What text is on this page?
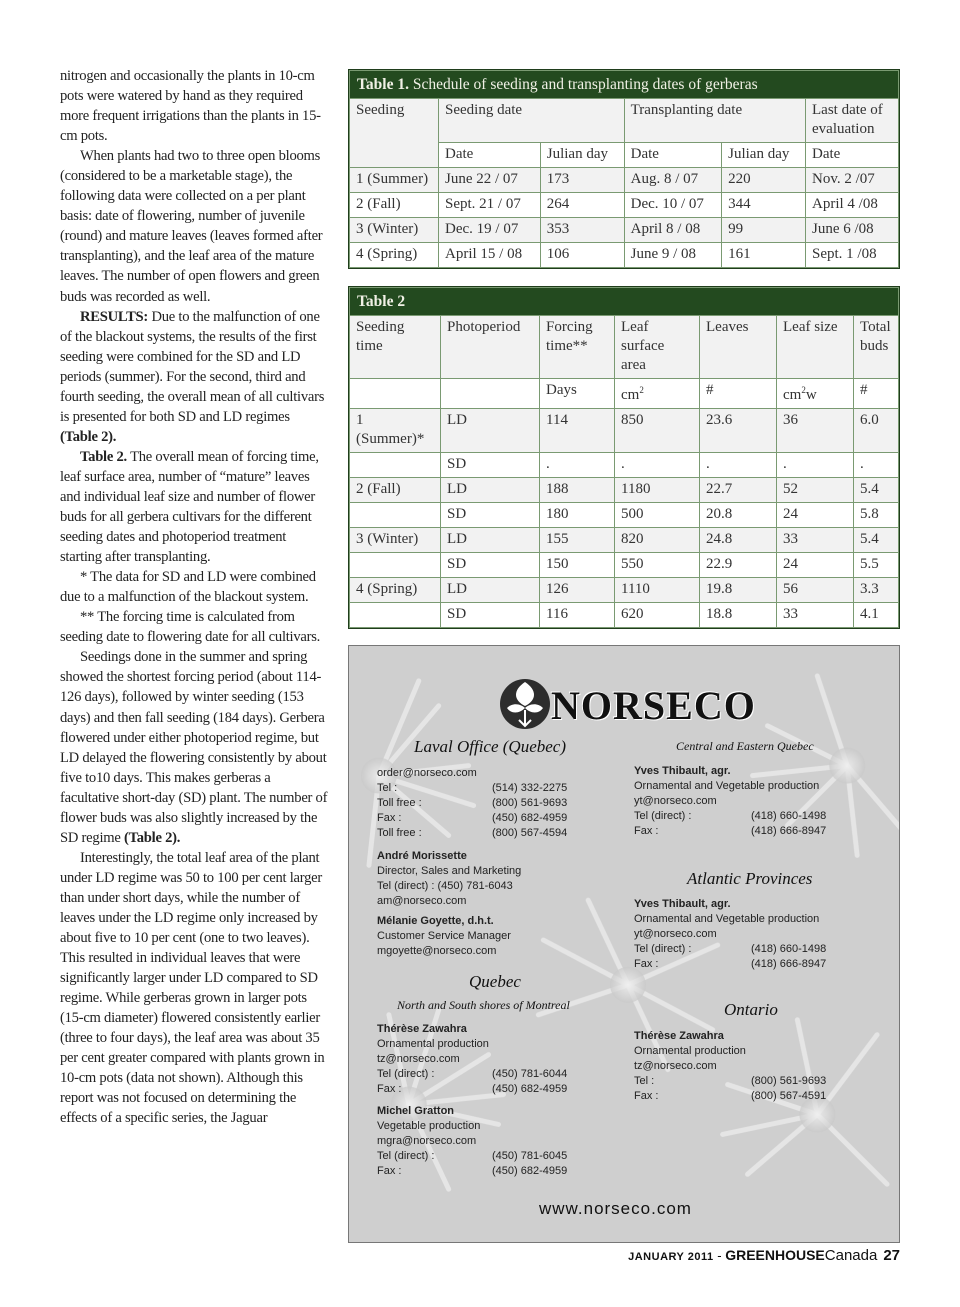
nitrogen and occasionally the plants in 10-cm pots were watered by hand as they required more frequent irrigations than the plants in 15-cm pots.

When plants had two to three open blooms (considered to be a marketable stage), the following data were collected on a per plant basis: date of flowering, number of juvenile (round) and mature leaves (leaves formed after transplanting), and the leaf area of the mature leaves. The number of open flowers and green buds was recorded as well.

RESULTS: Due to the malfunction of one of the blackout systems, the results of the first seeding were combined for the SD and LD periods (summer). For the second, third and fourth seeding, the overall mean of all cultivars is presented for both SD and LD regimes (Table 2).

Table 2. The overall mean of forcing time, leaf surface area, number of “mature” leaves and individual leaf size and number of flower buds for all gerbera cultivars for the different seeding dates and photoperiod treatment starting after transplanting.

* The data for SD and LD were combined due to a malfunction of the blackout system.

** The forcing time is calculated from seeding date to flowering date for all cultivars.

Seedings done in the summer and spring showed the shortest forcing period (about 114-126 days), followed by winter seeding (153 days) and then fall seeding (184 days). Gerbera flowered under either photoperiod regime, but LD delayed the flowering consistently by about five to10 days. This makes gerberas a facultative short-day (SD) plant. The number of flower buds was also slightly increased by the SD regime (Table 2).

Interestingly, the total leaf area of the plant under LD regime was 50 to 100 per cent larger than under short days, while the number of leaves under the LD regime only increased by about five to 10 per cent (one to two leaves). This resulted in individual leaves that were significantly larger under LD compared to SD regime. While gerberas grown in larger pots (15-cm diameter) flowered consistently earlier (three to four days), the leaf area was about 35 per cent greater compared with plants grown in 10-cm pots (data not shown). Although this report was not focused on determining the effects of a specific series, the Jaguar

Table 1. Schedule of seeding and transplanting dates of gerberas					
Seeding	Seeding date		Transplanting date		Last date of evaluation
	Date	Julian day	Date	Julian day	Date
1 (Summer)	June 22 / 07	173	Aug. 8 / 07	220	Nov. 2 /07
2 (Fall)	Sept. 21 / 07	264	Dec. 10 / 07	344	April 4 /08
3 (Winter)	Dec. 19 / 07	353	April 8 / 08	99	June 6 /08
4 (Spring)	April 15 / 08	106	June 9 / 08	161	Sept. 1 /08
Table 2						
Seeding time	Photoperiod	Forcing time**	Leaf surface area	Leaves	Leaf size	Total buds
		Days	$cm^2$	#	$cm^2w$	#
1 (Summer)*	LD	114	850	23.6	36	6.0
	SD	.	.	.	.	.
2 (Fall)	LD	188	1180	22.7	52	5.4
	SD	180	500	20.8	24	5.8
3 (Winter)	LD	155	820	24.8	33	5.4
	SD	150	550	22.9	24	5.5
4 (Spring)	LD	126	1110	19.8	56	3.3
	SD	116	620	18.8	33	4.1
NORSECO
Laval Office (Quebec)
order@norseco.com
Tel :	(514) 332-2275
Toll free :	(800) 561-9693
Fax :	(450) 682-4959
Toll free :	(800) 567-4594
André Morissette
Director, Sales and Marketing
Tel (direct) : (450) 781-6043
am@norseco.com
Mélanie Goyette, d.h.t.
Customer Service Manager
mgoyette@norseco.com
Quebec
North and South shores of Montreal
Thérèse Zawahra
Ornamental production
tz@norseco.com
Tel (direct) :	(450) 781-6044
Fax :	(450) 682-4959
Michel Gratton
Vegetable production
mgra@norseco.com
Tel (direct) :	(450) 781-6045
Fax :	(450) 682-4959
Central and Eastern Quebec
Yves Thibault, agr.
Ornamental and Vegetable production
yt@norseco.com
Tel (direct) :	(418) 660-1498
Fax :	(418) 666-8947
Atlantic Provinces
Yves Thibault, agr.
Ornamental and Vegetable production
yt@norseco.com
Tel (direct) :	(418) 660-1498
Fax :	(418) 666-8947
Ontario
Thérèse Zawahra
Ornamental production
tz@norseco.com
Tel :	(800) 561-9693
Fax :	(800) 567-4591
www.norseco.com
JANUARY 2011 - GREENHOUSECanada 27
